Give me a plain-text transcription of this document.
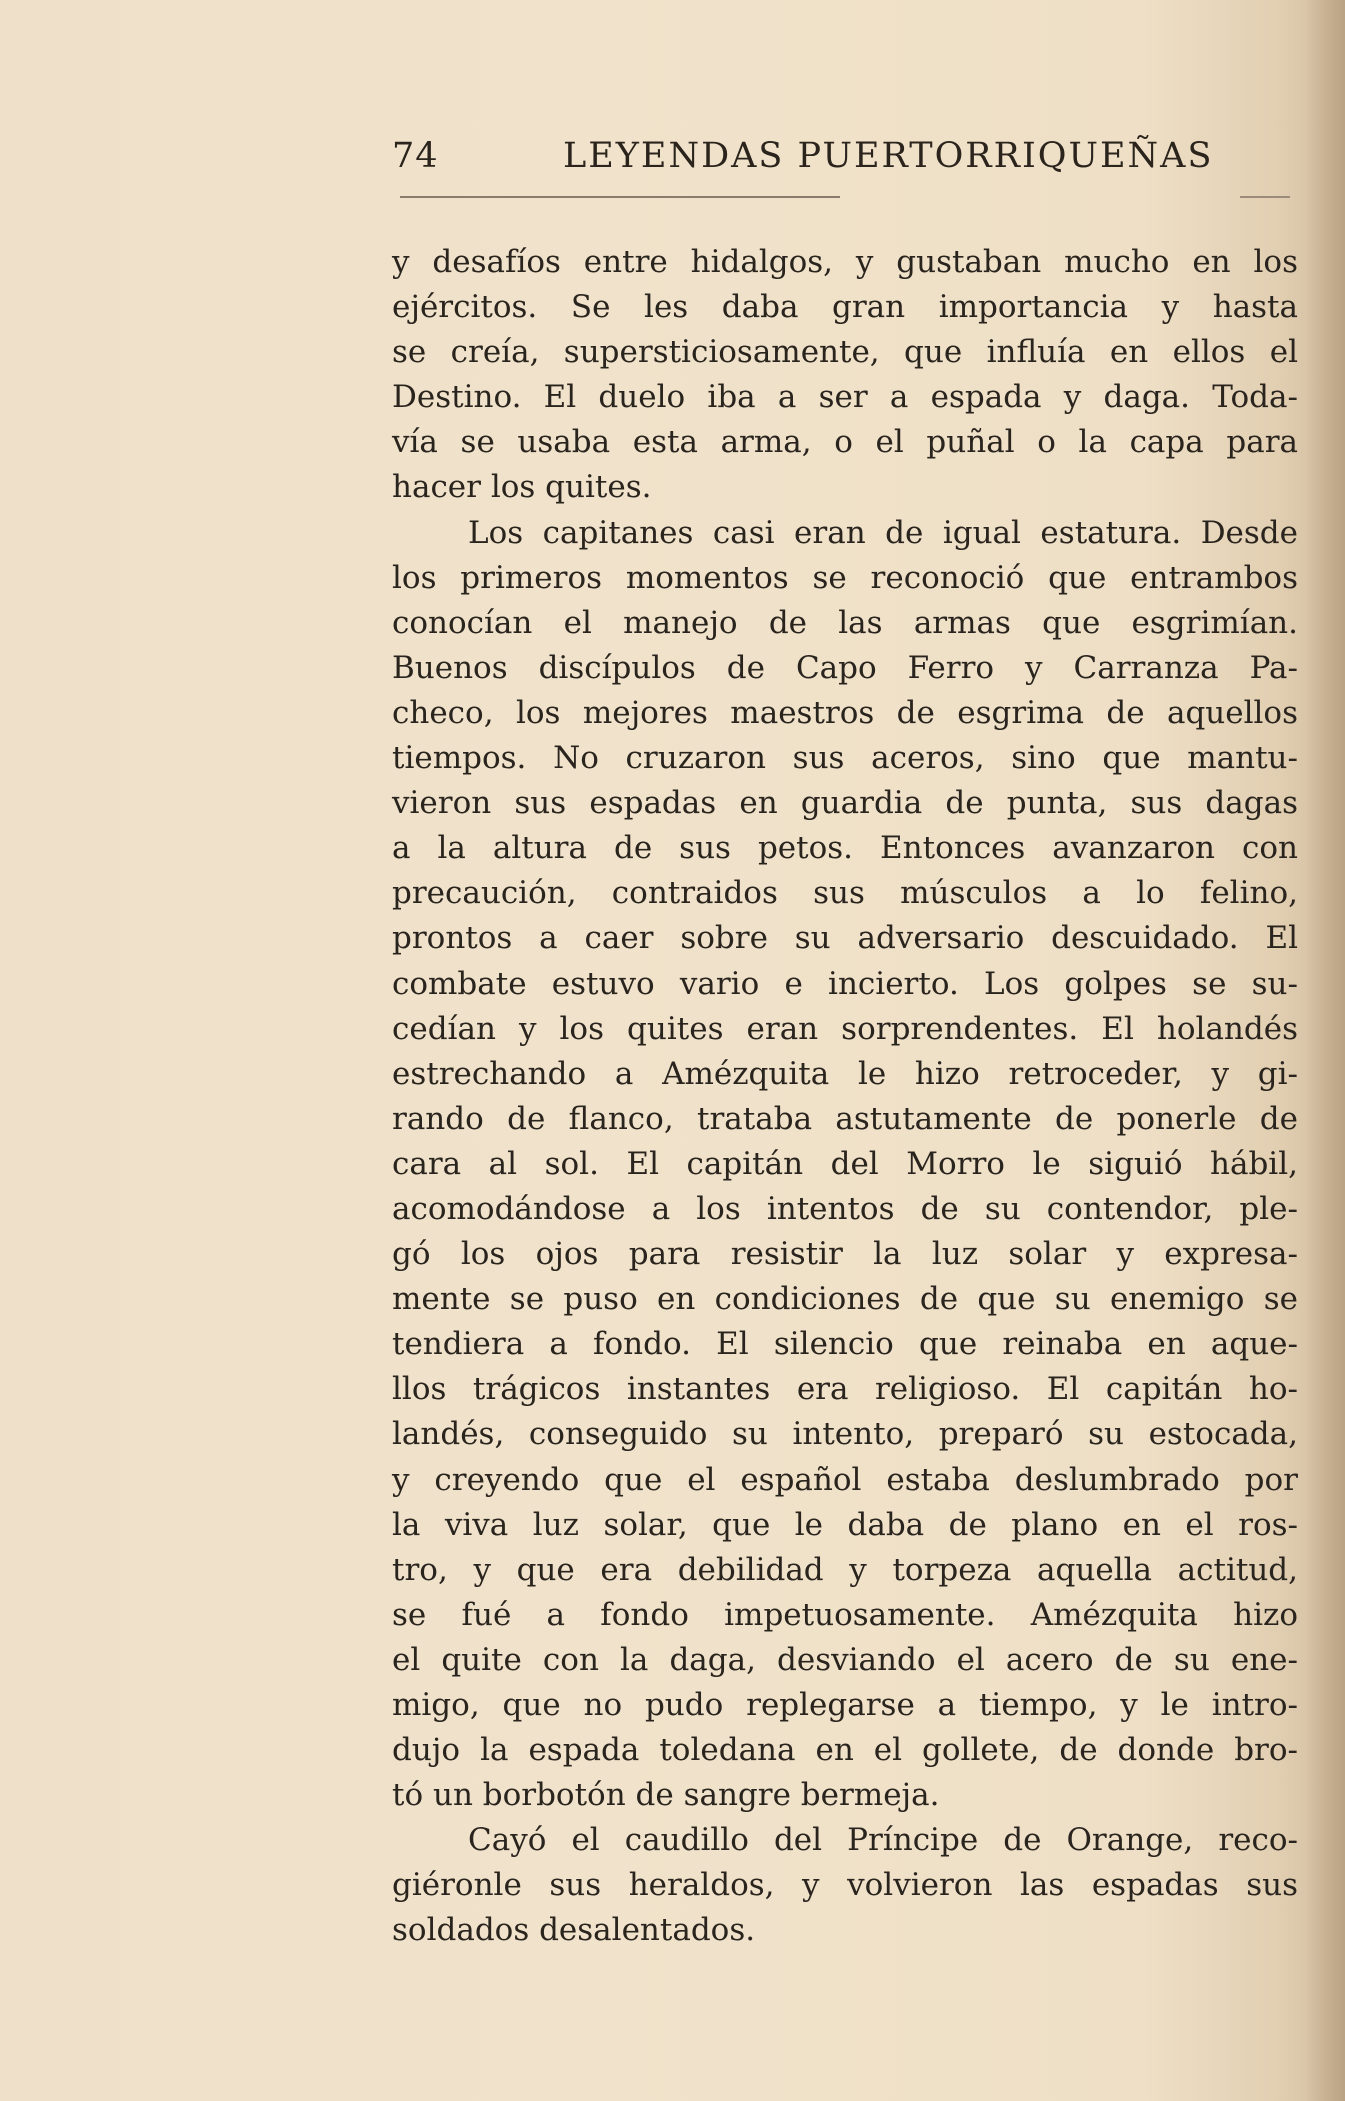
74	LEYENDAS PUERTORRIQUEÑAS
y desafíos entre hidalgos, y gustaban mucho en los
ejércitos. Se les daba gran importancia y hasta
se creía, supersticiosamente, que influía en ellos el
Destino. El duelo iba a ser a espada y daga. Toda-
vía se usaba esta arma, o el puñal o la capa para
hacer los quites.
Los capitanes casi eran de igual estatura. Desde
los primeros momentos se reconoció que entrambos
conocían el manejo de las armas que esgrimían.
Buenos discípulos de Capo Ferro y Carranza Pa-
checo, los mejores maestros de esgrima de aquellos
tiempos. No cruzaron sus aceros, sino que mantu-
vieron sus espadas en guardia de punta, sus dagas
a la altura de sus petos. Entonces avanzaron con
precaución, contraidos sus músculos a lo felino,
prontos a caer sobre su adversario descuidado. El
combate estuvo vario e incierto. Los golpes se su-
cedían y los quites eran sorprendentes. El holandés
estrechando a Amézquita le hizo retroceder, y gi-
rando de flanco, trataba astutamente de ponerle de
cara al sol. El capitán del Morro le siguió hábil,
acomodándose a los intentos de su contendor, ple-
gó los ojos para resistir la luz solar y expresa-
mente se puso en condiciones de que su enemigo se
tendiera a fondo. El silencio que reinaba en aque-
llos trágicos instantes era religioso. El capitán ho-
landés, conseguido su intento, preparó su estocada,
y creyendo que el español estaba deslumbrado por
la viva luz solar, que le daba de plano en el ros-
tro, y que era debilidad y torpeza aquella actitud,
se fué a fondo impetuosamente. Amézquita hizo
el quite con la daga, desviando el acero de su ene-
migo, que no pudo replegarse a tiempo, y le intro-
dujo la espada toledana en el gollete, de donde bro-
tó un borbotón de sangre bermeja.
Cayó el caudillo del Príncipe de Orange, reco-
giéronle sus heraldos, y volvieron las espadas sus
soldados desalentados.
